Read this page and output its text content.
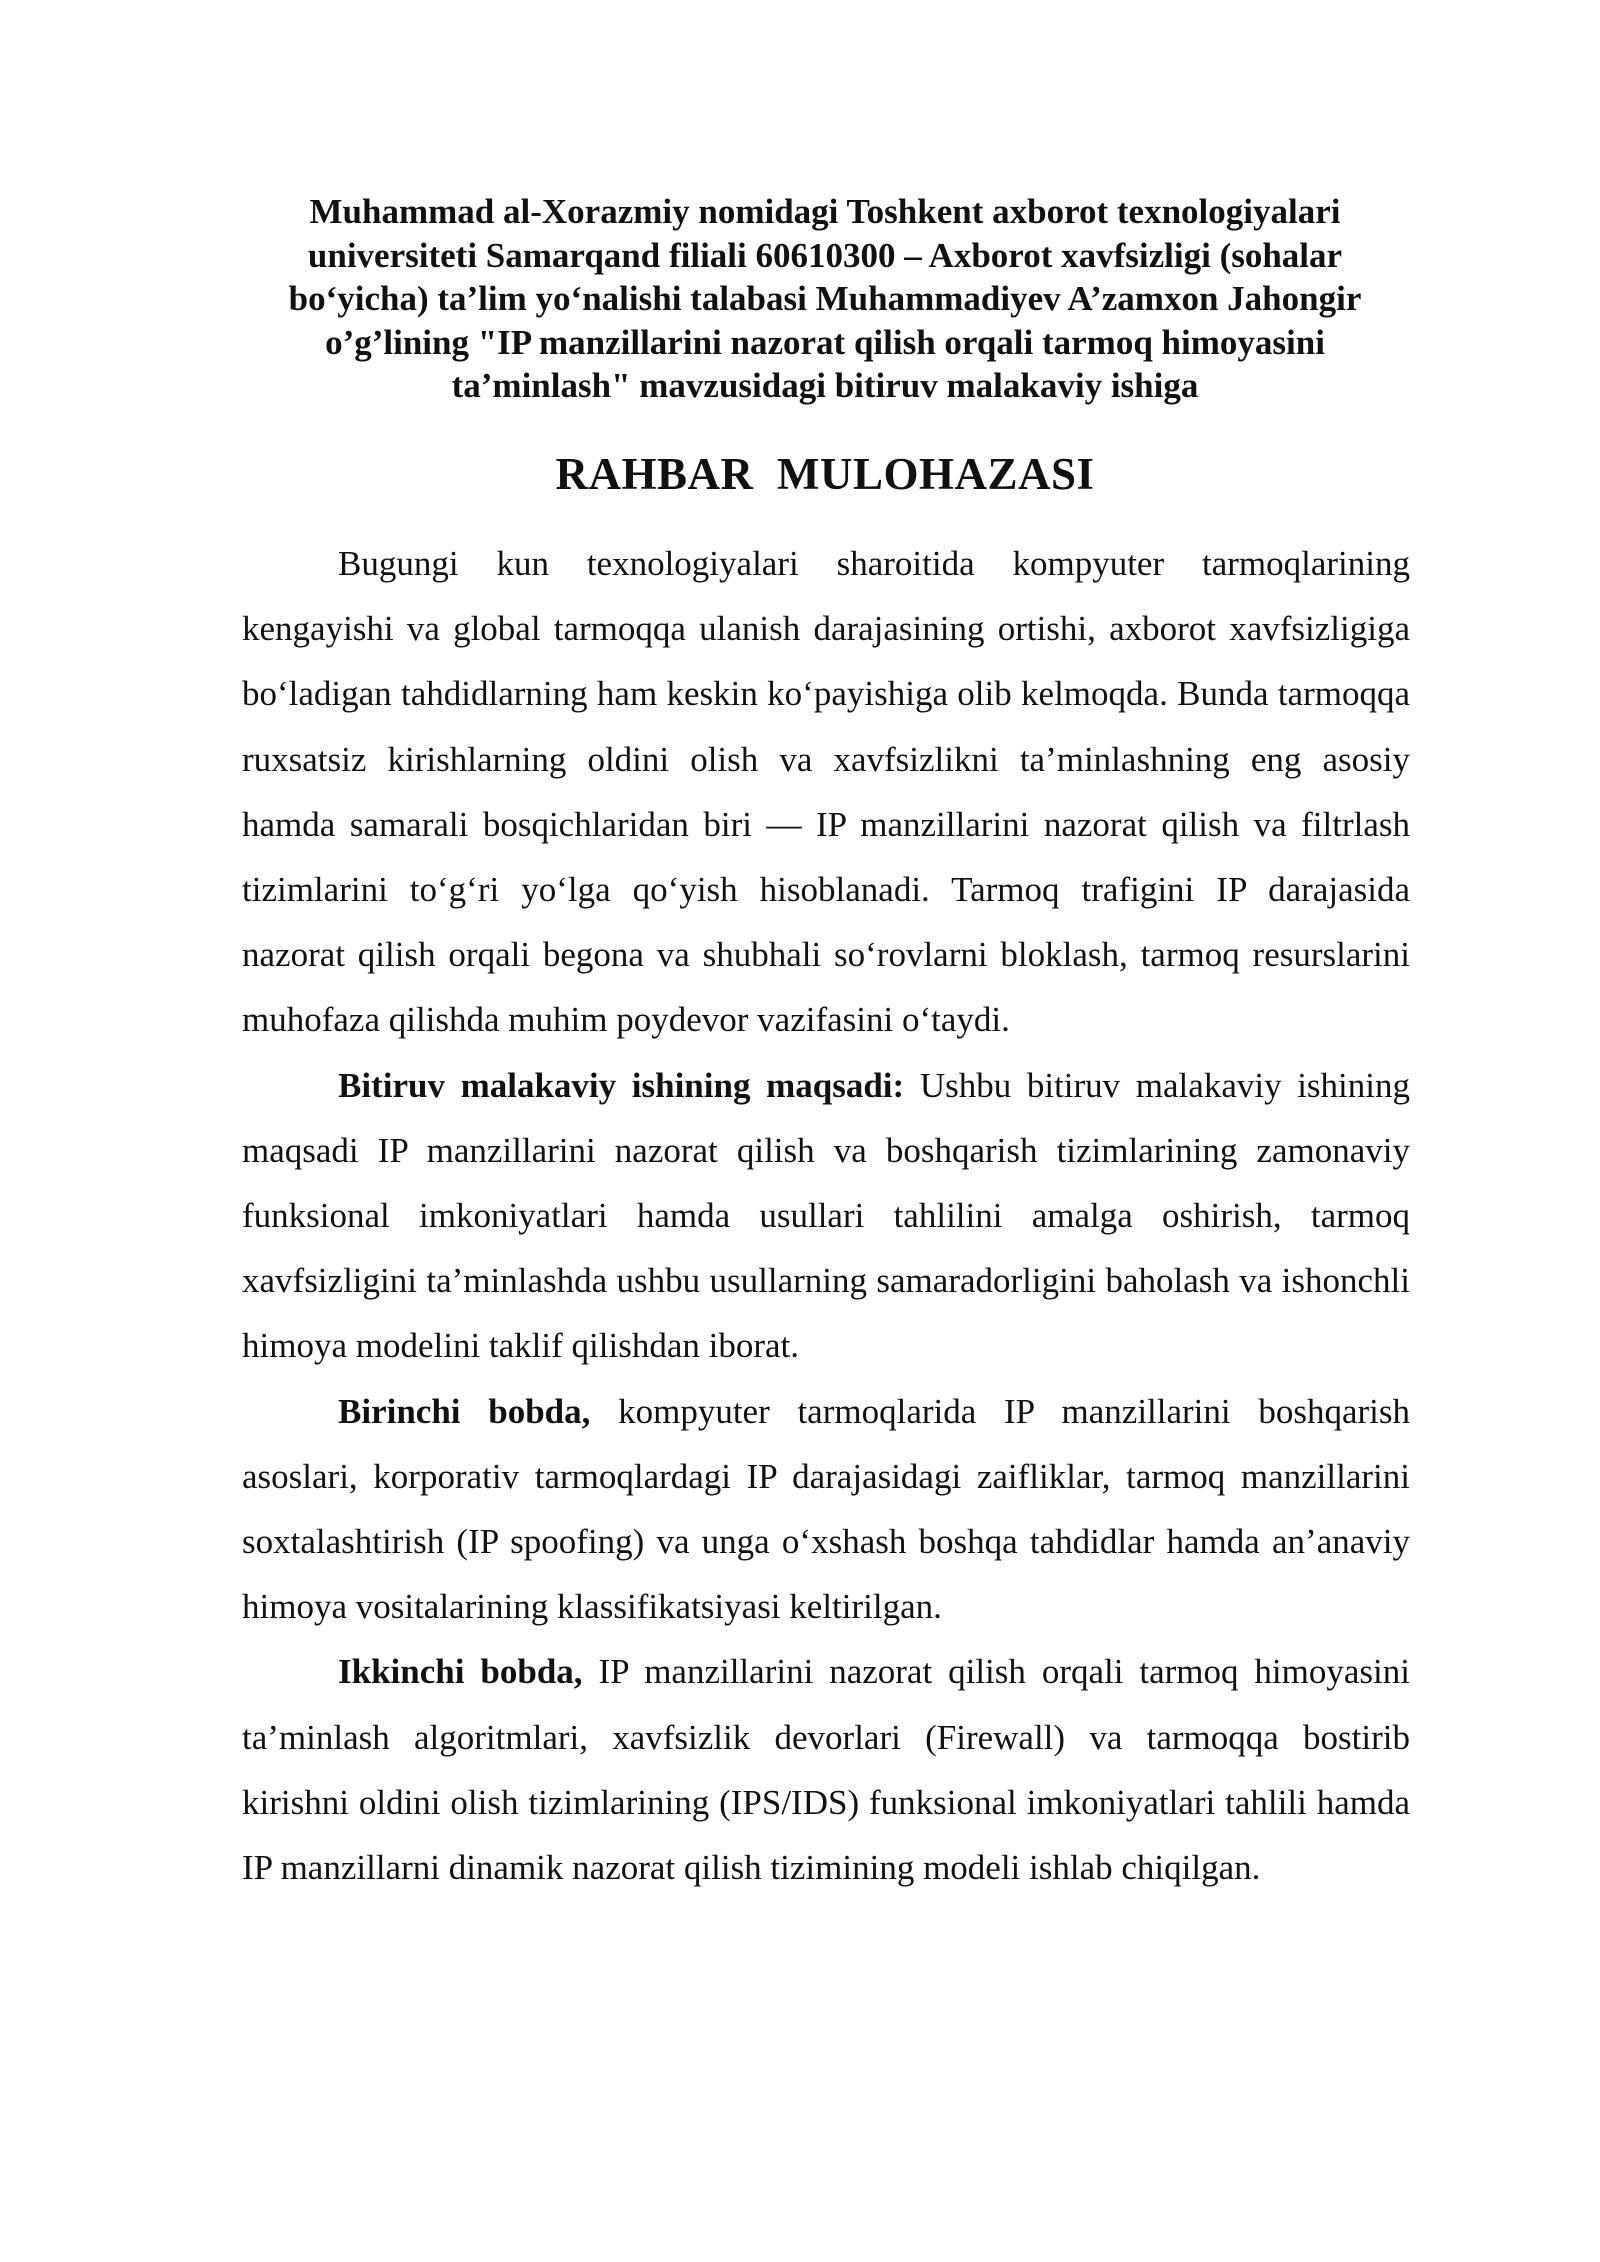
Muhammad al-Xorazmiy nomidagi Toshkent axborot texnologiyalari universiteti Samarqand filiali 60610300 – Axborot xavfsizligi (sohalar bo‘yicha) ta’lim yo‘nalishi talabasi Muhammadiyev A’zamxon Jahongir o’g’lining "IP manzillarini nazorat qilish orqali tarmoq himoyasini ta’minlash" mavzusidagi bitiruv malakaviy ishiga
RAHBAR  MULOHAZASI

Bugungi kun texnologiyalari sharoitida kompyuter tarmoqlarining kengayishi va global tarmoqqa ulanish darajasining ortishi, axborot xavfsizligiga bo‘ladigan tahdidlarning ham keskin ko‘payishiga olib kelmoqda. Bunda tarmoqqa ruxsatsiz kirishlarning oldini olish va xavfsizlikni ta’minlashning eng asosiy hamda samarali bosqichlaridan biri — IP manzillarini nazorat qilish va filtrlash tizimlarini to‘g‘ri yo‘lga qo‘yish hisoblanadi. Tarmoq trafigini IP darajasida nazorat qilish orqali begona va shubhali so‘rovlarni bloklash, tarmoq resurslarini muhofaza qilishda muhim poydevor vazifasini o‘taydi.

Bitiruv malakaviy ishining maqsadi: Ushbu bitiruv malakaviy ishining maqsadi IP manzillarini nazorat qilish va boshqarish tizimlarining zamonaviy funksional imkoniyatlari hamda usullari tahlilini amalga oshirish, tarmoq xavfsizligini ta’minlashda ushbu usullarning samaradorligini baholash va ishonchli himoya modelini taklif qilishdan iborat.

Birinchi bobda, kompyuter tarmoqlarida IP manzillarini boshqarish asoslari, korporativ tarmoqlardagi IP darajasidagi zaifliklar, tarmoq manzillarini soxtalashtirish (IP spoofing) va unga o‘xshash boshqa tahdidlar hamda an’anaviy himoya vositalarining klassifikatsiyasi keltirilgan.

Ikkinchi bobda, IP manzillarini nazorat qilish orqali tarmoq himoyasini ta’minlash algoritmlari, xavfsizlik devorlari (Firewall) va tarmoqqa bostirib kirishni oldini olish tizimlarining (IPS/IDS) funksional imkoniyatlari tahlili hamda IP manzillarni dinamik nazorat qilish tizimining modeli ishlab chiqilgan.
